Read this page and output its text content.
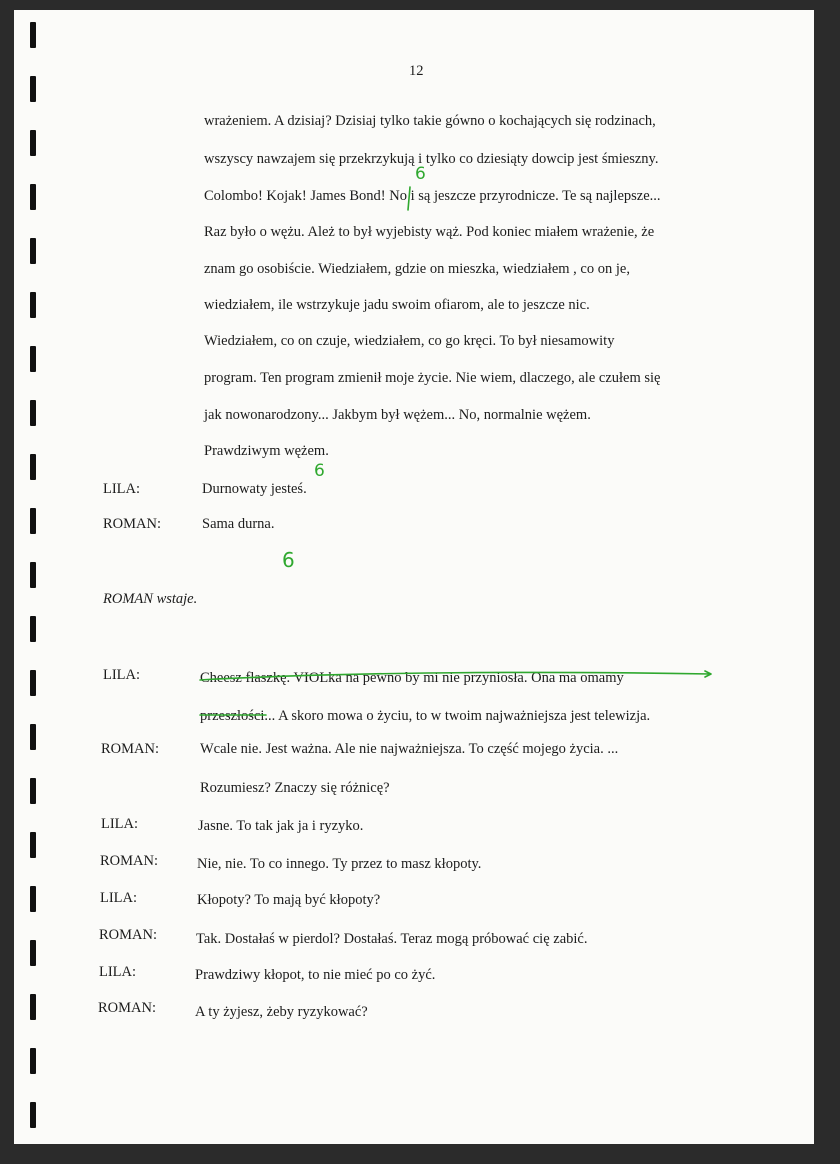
12
wrażeniem. A dzisiaj? Dzisiaj tylko takie gówno o kochających się rodzinach,
wszyscy nawzajem się przekrzykują i tylko co dziesiąty dowcip jest śmieszny.
Colombo! Kojak! James Bond! No i są jeszcze przyrodnicze. Te są najlepsze...
Raz było o wężu. Ależ to był wyjebisty wąż. Pod koniec miałem wrażenie, że
znam go osobiście. Wiedziałem, gdzie on mieszka, wiedziałem , co on je,
wiedziałem, ile wstrzykuje jadu swoim ofiarom, ale to jeszcze nic.
Wiedziałem, co on czuje, wiedziałem, co go kręci. To był niesamowity
program. Ten program zmienił moje życie. Nie wiem, dlaczego, ale czułem się
jak nowonarodzony... Jakbym był wężem... No, normalnie wężem.
Prawdziwym wężem.
LILA:	Durnowaty jesteś.
ROMAN:	Sama durna.
ROMAN wstaje.
LILA:	Cheesz flaszkę. VIOLka na pewno by mi nie przyniosła. Ona ma omamy
przeszłości... A skoro mowa o życiu, to w twoim najważniejsza jest telewizja.
ROMAN:	Wcale nie. Jest ważna. Ale nie najważniejsza. To część mojego życia. ...
Rozumiesz? Znaczy się różnicę?
LILA:	Jasne. To tak jak ja i ryzyko.
ROMAN:	Nie, nie. To co innego. Ty przez to masz kłopoty.
LILA:	Kłopoty? To mają być kłopoty?
ROMAN:	Tak. Dostałaś w pierdol? Dostałaś. Teraz mogą próbować cię zabić.
LILA:	Prawdziwy kłopot, to nie mieć po co żyć.
ROMAN:	A ty żyjesz, żeby ryzykować?
6
6
6
